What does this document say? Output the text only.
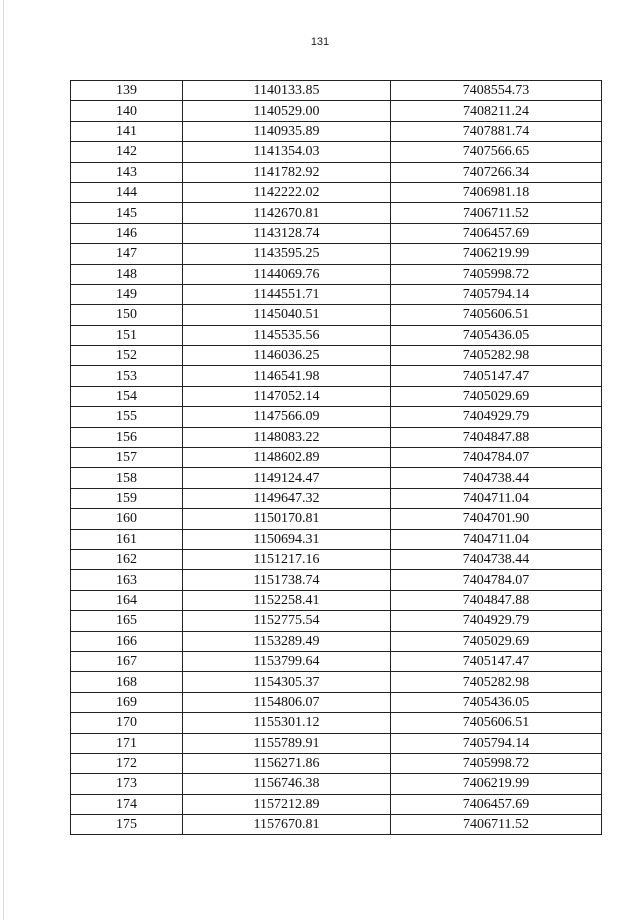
131
139	1140133.85	7408554.73
140	1140529.00	7408211.24
141	1140935.89	7407881.74
142	1141354.03	7407566.65
143	1141782.92	7407266.34
144	1142222.02	7406981.18
145	1142670.81	7406711.52
146	1143128.74	7406457.69
147	1143595.25	7406219.99
148	1144069.76	7405998.72
149	1144551.71	7405794.14
150	1145040.51	7405606.51
151	1145535.56	7405436.05
152	1146036.25	7405282.98
153	1146541.98	7405147.47
154	1147052.14	7405029.69
155	1147566.09	7404929.79
156	1148083.22	7404847.88
157	1148602.89	7404784.07
158	1149124.47	7404738.44
159	1149647.32	7404711.04
160	1150170.81	7404701.90
161	1150694.31	7404711.04
162	1151217.16	7404738.44
163	1151738.74	7404784.07
164	1152258.41	7404847.88
165	1152775.54	7404929.79
166	1153289.49	7405029.69
167	1153799.64	7405147.47
168	1154305.37	7405282.98
169	1154806.07	7405436.05
170	1155301.12	7405606.51
171	1155789.91	7405794.14
172	1156271.86	7405998.72
173	1156746.38	7406219.99
174	1157212.89	7406457.69
175	1157670.81	7406711.52
